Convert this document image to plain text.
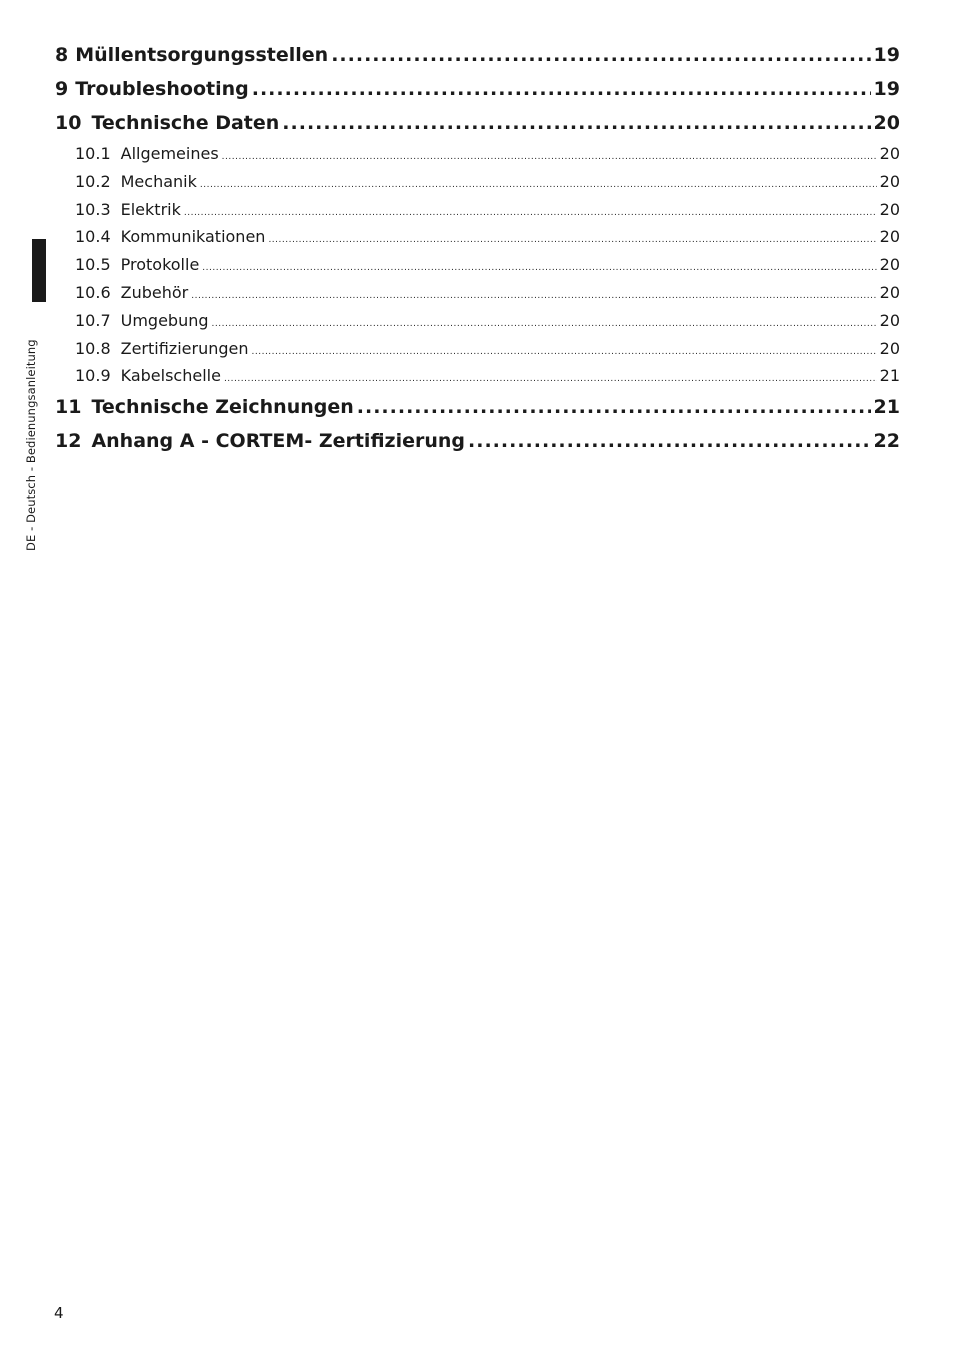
DE - Deutsch - Bedienungsanleitung
8 Müllentsorgungsstellen .....	19
9 Troubleshooting .....	19
10 Technische Daten .....	20
10.1 Allgemeines .....	20
10.2 Mechanik .....	20
10.3 Elektrik .....	20
10.4 Kommunikationen .....	20
10.5 Protokolle .....	20
10.6 Zubehör .....	20
10.7 Umgebung .....	20
10.8 Zertifizierungen .....	20
10.9 Kabelschelle .....	21
11 Technische Zeichnungen .....	21
12 Anhang A - CORTEM- Zertifizierung .....	22
4
